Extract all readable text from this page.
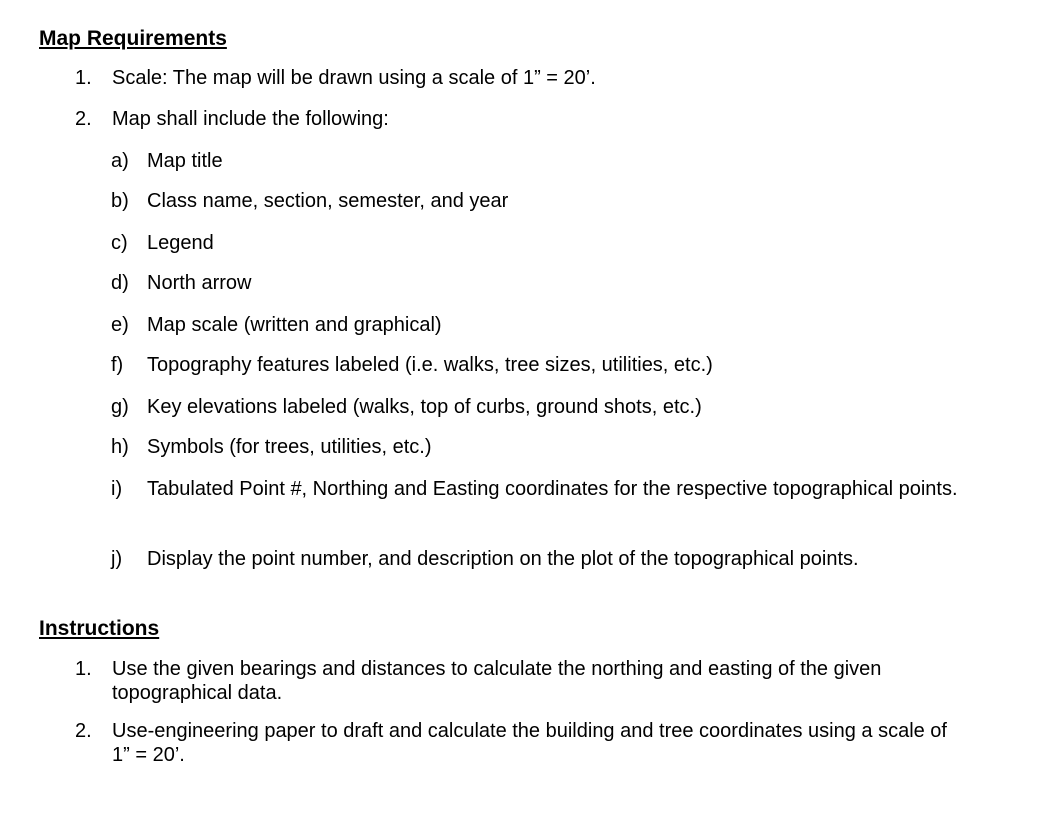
Map Requirements
1. Scale: The map will be drawn using a scale of 1” = 20’.
2. Map shall include the following:
a) Map title
b) Class name, section, semester, and year
c) Legend
d) North arrow
e) Map scale (written and graphical)
f) Topography features labeled (i.e. walks, tree sizes, utilities, etc.)
g) Key elevations labeled (walks, top of curbs, ground shots, etc.)
h) Symbols (for trees, utilities, etc.)
i) Tabulated Point #, Northing and Easting coordinates for the respective topographical points.
j) Display the point number, and description on the plot of the topographical points.
Instructions
1. Use the given bearings and distances to calculate the northing and easting of the given topographical data.
2. Use-engineering paper to draft and calculate the building and tree coordinates using a scale of 1” = 20’.
